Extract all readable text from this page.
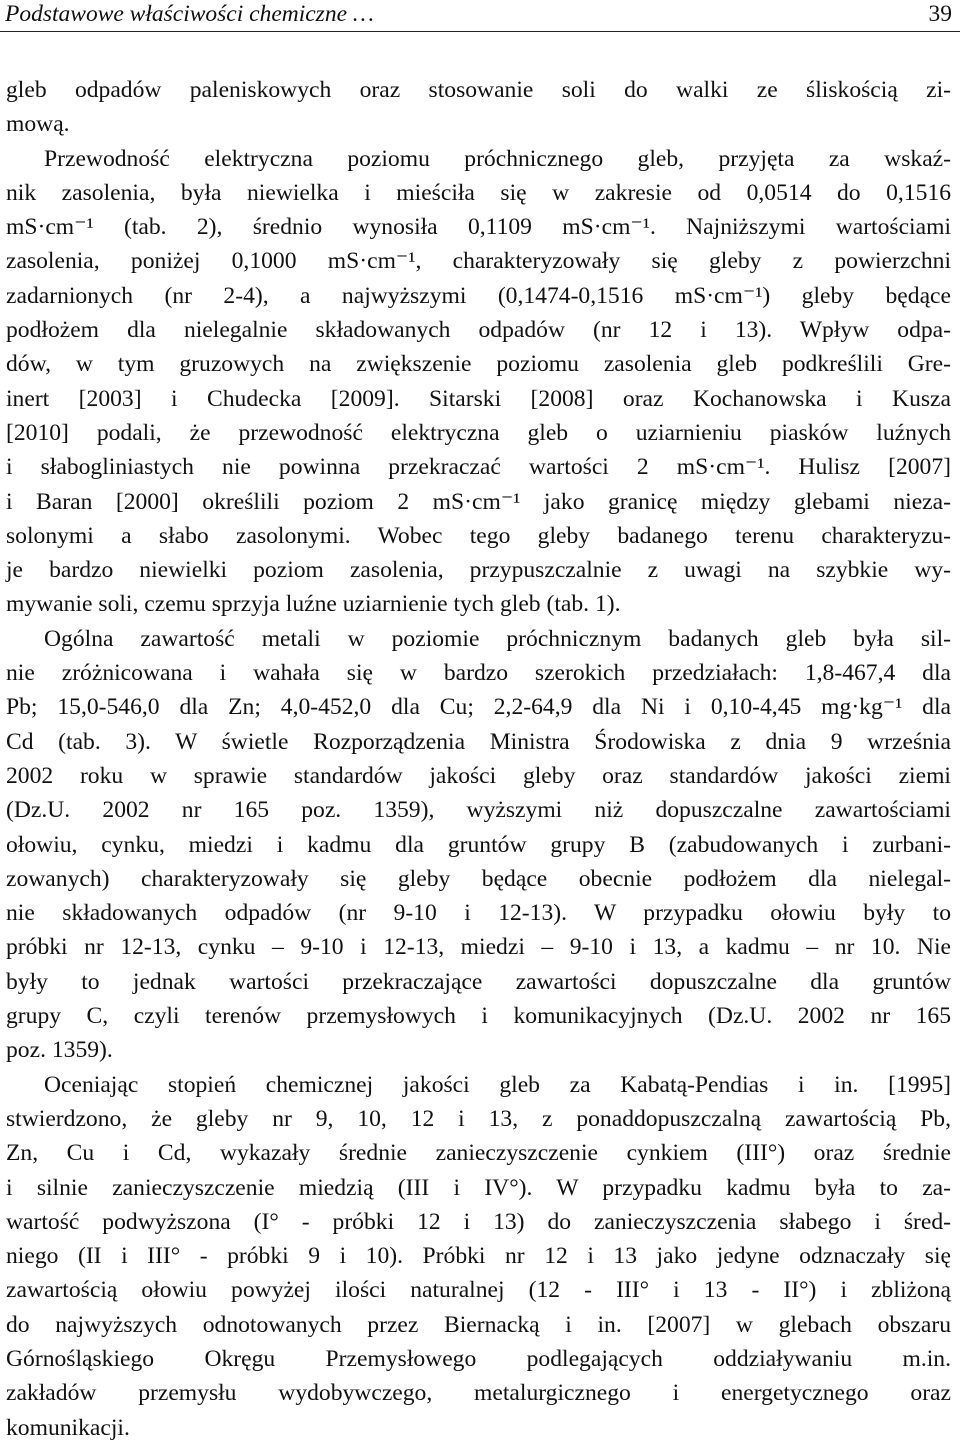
Podstawowe właściwości chemiczne …	39
gleb odpadów paleniskowych oraz stosowanie soli do walki ze śliskością zi-
mową.
Przewodność elektryczna poziomu próchnicznego gleb, przyjęta za wskaź-
nik zasolenia, była niewielka i mieściła się w zakresie od 0,0514 do 0,1516
mS·cm⁻¹ (tab. 2), średnio wynosiła 0,1109 mS·cm⁻¹. Najniższymi wartościami
zasolenia, poniżej 0,1000 mS·cm⁻¹, charakteryzowały się gleby z powierzchni
zadarnionych (nr 2-4), a najwyższymi (0,1474-0,1516 mS·cm⁻¹) gleby będące
podłożem dla nielegalnie składowanych odpadów (nr 12 i 13). Wpływ odpa-
dów, w tym gruzowych na zwiększenie poziomu zasolenia gleb podkreślili Gre-
inert [2003] i Chudecka [2009]. Sitarski [2008] oraz Kochanowska i Kusza
[2010] podali, że przewodność elektryczna gleb o uziarnieniu piasków luźnych
i słabogliniastych nie powinna przekraczać wartości 2 mS·cm⁻¹. Hulisz [2007]
i Baran [2000] określili poziom 2 mS·cm⁻¹ jako granicę między glebami nieza-
solonymi a słabo zasolonymi. Wobec tego gleby badanego terenu charakteryzu-
je bardzo niewielki poziom zasolenia, przypuszczalnie z uwagi na szybkie wy-
mywanie soli, czemu sprzyja luźne uziarnienie tych gleb (tab. 1).
Ogólna zawartość metali w poziomie próchnicznym badanych gleb była sil-
nie zróżnicowana i wahała się w bardzo szerokich przedziałach: 1,8-467,4 dla
Pb; 15,0-546,0 dla Zn; 4,0-452,0 dla Cu; 2,2-64,9 dla Ni i 0,10-4,45 mg·kg⁻¹ dla
Cd (tab. 3). W świetle Rozporządzenia Ministra Środowiska z dnia 9 września
2002 roku w sprawie standardów jakości gleby oraz standardów jakości ziemi
(Dz.U. 2002 nr 165 poz. 1359), wyższymi niż dopuszczalne zawartościami
ołowiu, cynku, miedzi i kadmu dla gruntów grupy B (zabudowanych i zurbani-
zowanych) charakteryzowały się gleby będące obecnie podłożem dla nielegal-
nie składowanych odpadów (nr 9-10 i 12-13). W przypadku ołowiu były to
próbki nr 12-13, cynku – 9-10 i 12-13, miedzi – 9-10 i 13, a kadmu – nr 10. Nie
były to jednak wartości przekraczające zawartości dopuszczalne dla gruntów
grupy C, czyli terenów przemysłowych i komunikacyjnych (Dz.U. 2002 nr 165
poz. 1359).
Oceniając stopień chemicznej jakości gleb za Kabatą-Pendias i in. [1995]
stwierdzono, że gleby nr 9, 10, 12 i 13, z ponaddopuszczalną zawartością Pb,
Zn, Cu i Cd, wykazały średnie zanieczyszczenie cynkiem (III°) oraz średnie
i silnie zanieczyszczenie miedzią (III i IV°). W przypadku kadmu była to za-
wartość podwyższona (I° - próbki 12 i 13) do zanieczyszczenia słabego i śred-
niego (II i III° - próbki 9 i 10). Próbki nr 12 i 13 jako jedyne odznaczały się
zawartością ołowiu powyżej ilości naturalnej (12 - III° i 13 - II°) i zbliżoną
do najwyższych odnotowanych przez Biernacką i in. [2007] w glebach obszaru
Górnośląskiego Okręgu Przemysłowego podlegających oddziaływaniu m.in.
zakładów przemysłu wydobywczego, metalurgicznego i energetycznego oraz
komunikacji.
